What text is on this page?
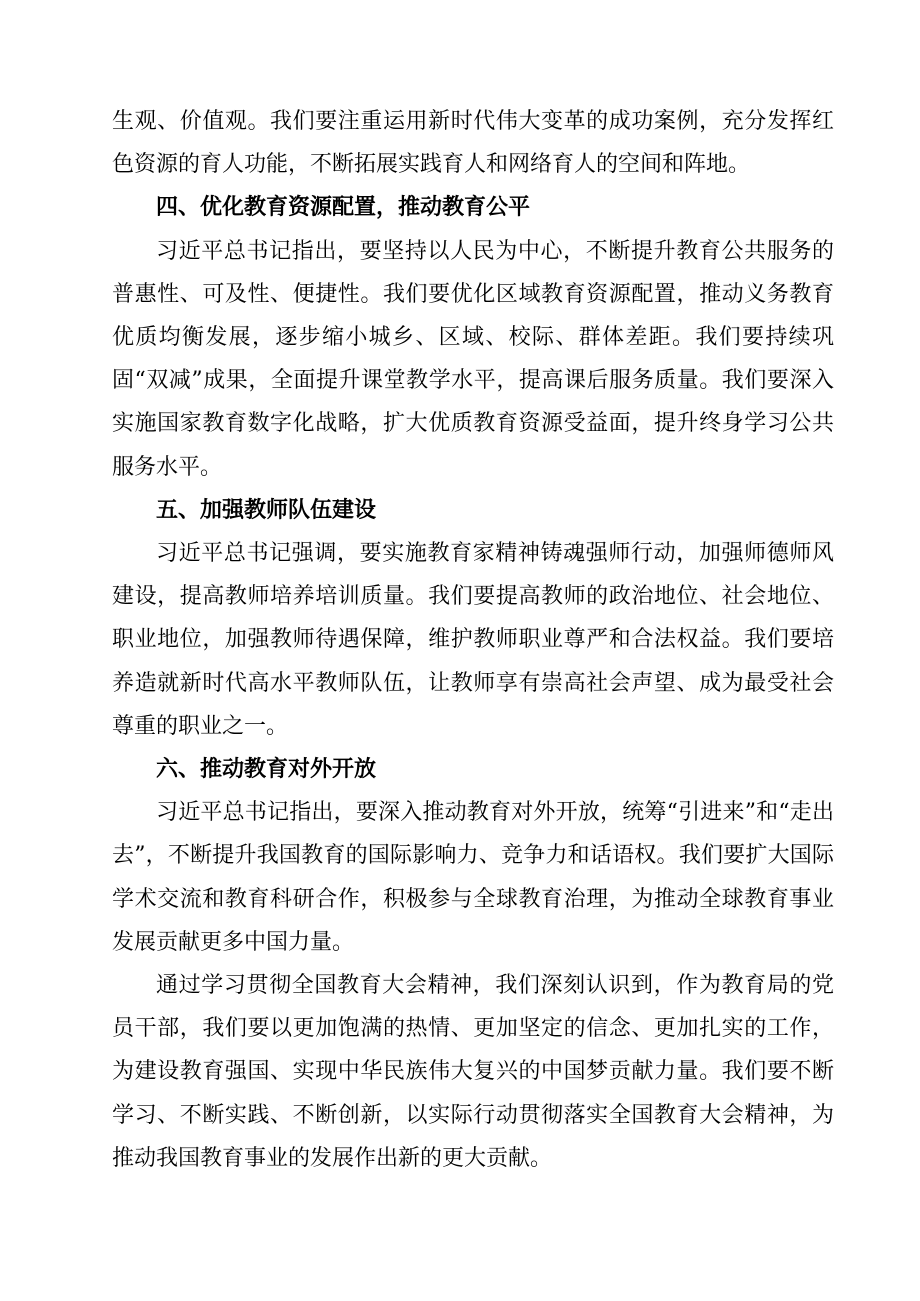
生观、价值观。我们要注重运用新时代伟大变革的成功案例，充分发挥红色资源的育人功能，不断拓展实践育人和网络育人的空间和阵地。

四、优化教育资源配置，推动教育公平

习近平总书记指出，要坚持以人民为中心，不断提升教育公共服务的普惠性、可及性、便捷性。我们要优化区域教育资源配置，推动义务教育优质均衡发展，逐步缩小城乡、区域、校际、群体差距。我们要持续巩固“双减”成果，全面提升课堂教学水平，提高课后服务质量。我们要深入实施国家教育数字化战略，扩大优质教育资源受益面，提升终身学习公共服务水平。

五、加强教师队伍建设

习近平总书记强调，要实施教育家精神铸魂强师行动，加强师德师风建设，提高教师培养培训质量。我们要提高教师的政治地位、社会地位、职业地位，加强教师待遇保障，维护教师职业尊严和合法权益。我们要培养造就新时代高水平教师队伍，让教师享有崇高社会声望、成为最受社会尊重的职业之一。

六、推动教育对外开放

习近平总书记指出，要深入推动教育对外开放，统筹“引进来”和“走出去”，不断提升我国教育的国际影响力、竞争力和话语权。我们要扩大国际学术交流和教育科研合作，积极参与全球教育治理，为推动全球教育事业发展贡献更多中国力量。

通过学习贯彻全国教育大会精神，我们深刻认识到，作为教育局的党员干部，我们要以更加饱满的热情、更加坚定的信念、更加扎实的工作，为建设教育强国、实现中华民族伟大复兴的中国梦贡献力量。我们要不断学习、不断实践、不断创新，以实际行动贯彻落实全国教育大会精神，为推动我国教育事业的发展作出新的更大贡献。
